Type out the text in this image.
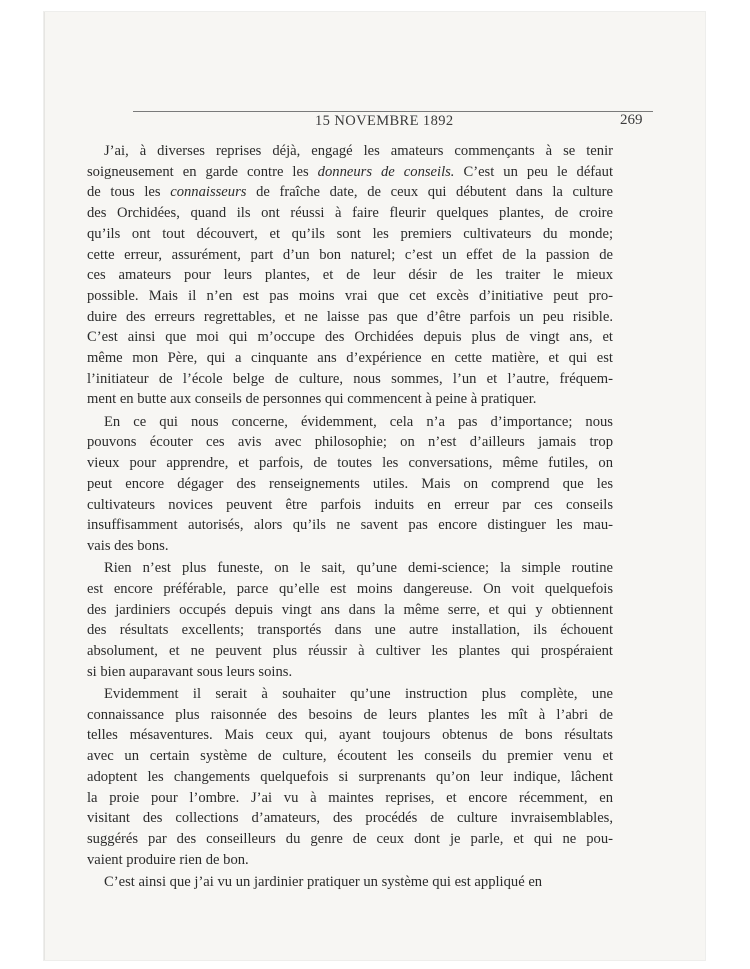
15 NOVEMBRE 1892	269

J’ai, à diverses reprises déjà, engagé les amateurs commençants à se tenir
soigneusement en garde contre les donneurs de conseils. C’est un peu le défaut
de tous les connaisseurs de fraîche date, de ceux qui débutent dans la culture
des Orchidées, quand ils ont réussi à faire fleurir quelques plantes, de croire
qu’ils ont tout découvert, et qu’ils sont les premiers cultivateurs du monde;
cette erreur, assurément, part d’un bon naturel; c’est un effet de la passion de
ces amateurs pour leurs plantes, et de leur désir de les traiter le mieux
possible. Mais il n’en est pas moins vrai que cet excès d’initiative peut pro-
duire des erreurs regrettables, et ne laisse pas que d’être parfois un peu risible.
C’est ainsi que moi qui m’occupe des Orchidées depuis plus de vingt ans, et
même mon Père, qui a cinquante ans d’expérience en cette matière, et qui est
l’initiateur de l’école belge de culture, nous sommes, l’un et l’autre, fréquem-
ment en butte aux conseils de personnes qui commencent à peine à pratiquer.

En ce qui nous concerne, évidemment, cela n’a pas d’importance; nous
pouvons écouter ces avis avec philosophie; on n’est d’ailleurs jamais trop
vieux pour apprendre, et parfois, de toutes les conversations, même futiles, on
peut encore dégager des renseignements utiles. Mais on comprend que les
cultivateurs novices peuvent être parfois induits en erreur par ces conseils
insuffisamment autorisés, alors qu’ils ne savent pas encore distinguer les mau-
vais des bons.

Rien n’est plus funeste, on le sait, qu’une demi-science; la simple routine
est encore préférable, parce qu’elle est moins dangereuse. On voit quelquefois
des jardiniers occupés depuis vingt ans dans la même serre, et qui y obtiennent
des résultats excellents; transportés dans une autre installation, ils échouent
absolument, et ne peuvent plus réussir à cultiver les plantes qui prospéraient
si bien auparavant sous leurs soins.

Evidemment il serait à souhaiter qu’une instruction plus complète, une
connaissance plus raisonnée des besoins de leurs plantes les mît à l’abri de
telles mésaventures. Mais ceux qui, ayant toujours obtenus de bons résultats
avec un certain système de culture, écoutent les conseils du premier venu et
adoptent les changements quelquefois si surprenants qu’on leur indique, lâchent
la proie pour l’ombre. J’ai vu à maintes reprises, et encore récemment, en
visitant des collections d’amateurs, des procédés de culture invraisemblables,
suggérés par des conseilleurs du genre de ceux dont je parle, et qui ne pou-
vaient produire rien de bon.

C’est ainsi que j’ai vu un jardinier pratiquer un système qui est appliqué en
